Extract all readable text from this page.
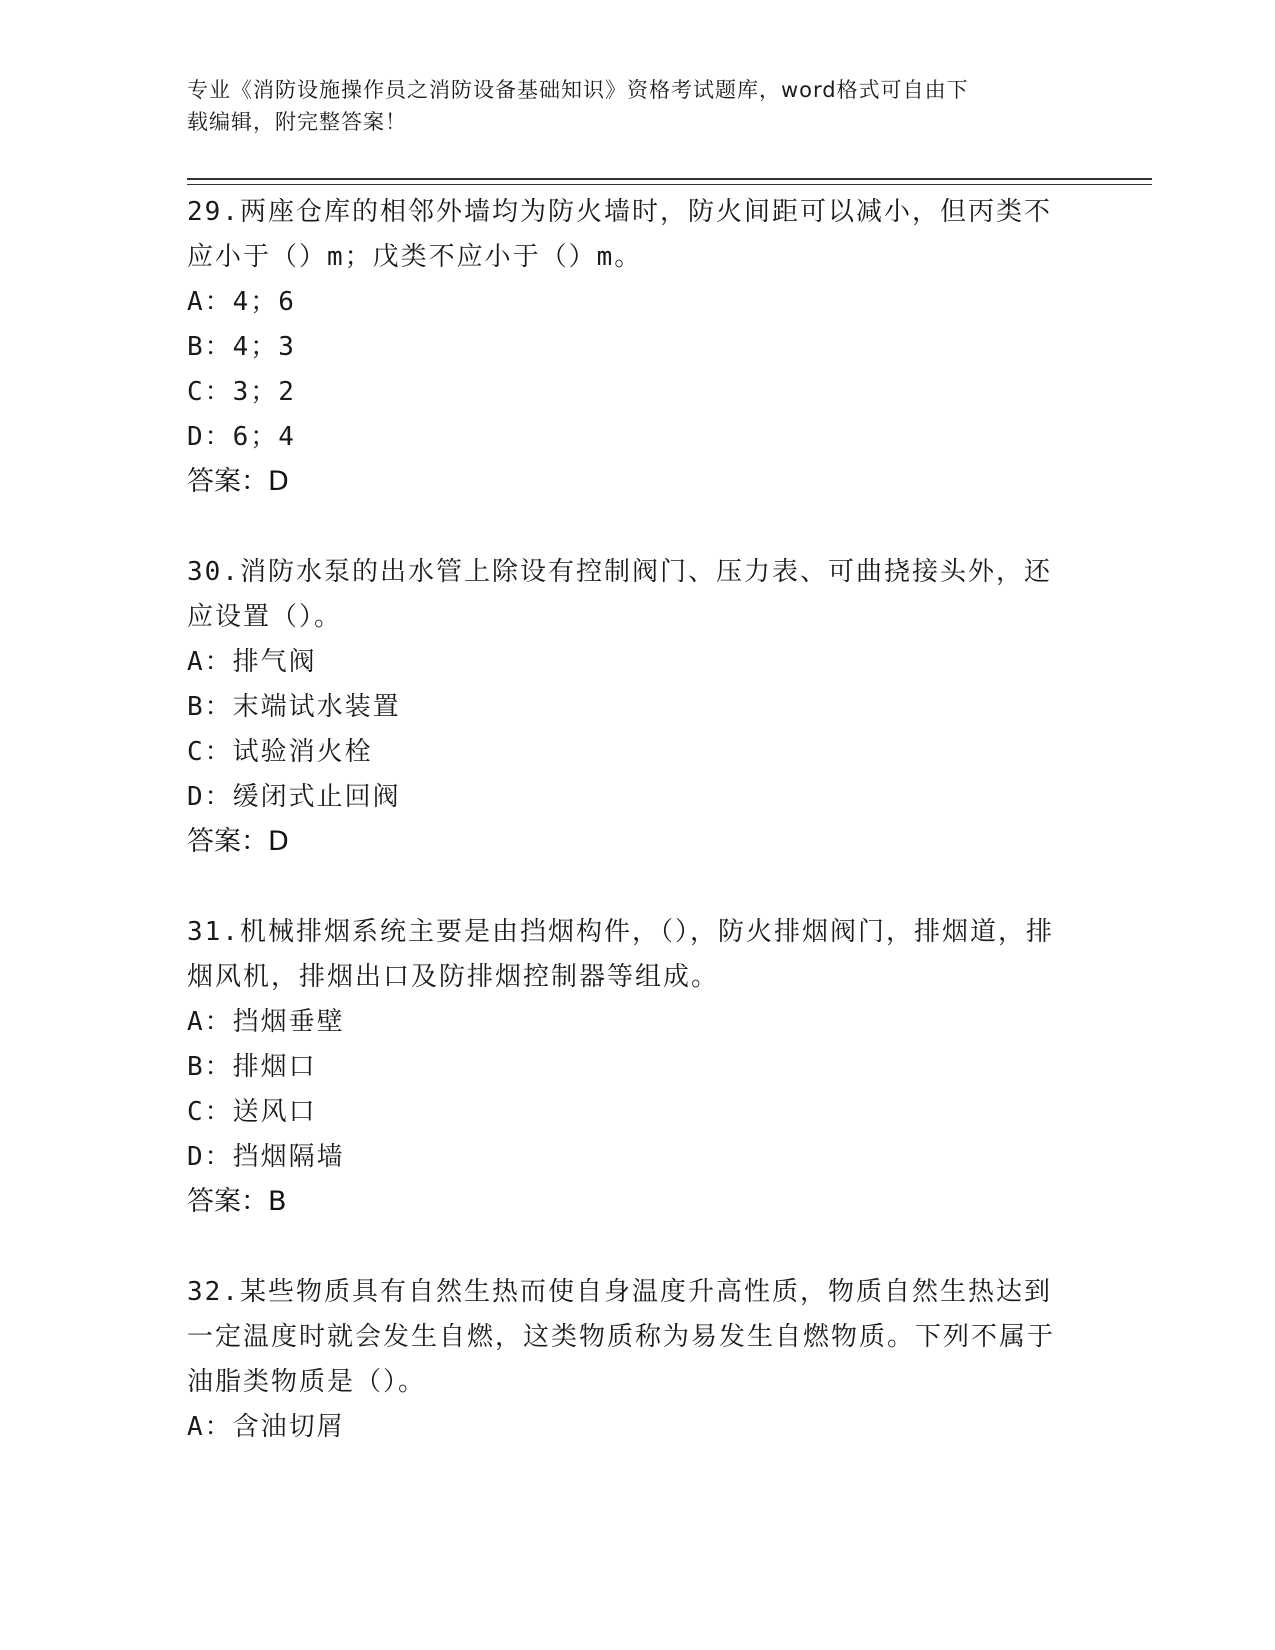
专业《消防设施操作员之消防设备基础知识》资格考试题库，word格式可自由下
载编辑，附完整答案！
29.两座仓库的相邻外墙均为防火墙时，防火间距可以减小，但丙类不应小于（）m；戊类不应小于（）m。
A：4；6
B：4；3
C：3；2
D：6；4
答案：D
30.消防水泵的出水管上除设有控制阀门、压力表、可曲挠接头外，还应设置（）。
A：排气阀
B：末端试水装置
C：试验消火栓
D：缓闭式止回阀
答案：D
31.机械排烟系统主要是由挡烟构件，（），防火排烟阀门，排烟道，排烟风机，排烟出口及防排烟控制器等组成。
A：挡烟垂壁
B：排烟口
C：送风口
D：挡烟隔墙
答案：B
32.某些物质具有自然生热而使自身温度升高性质，物质自然生热达到一定温度时就会发生自燃，这类物质称为易发生自燃物质。下列不属于油脂类物质是（）。
A：含油切屑
